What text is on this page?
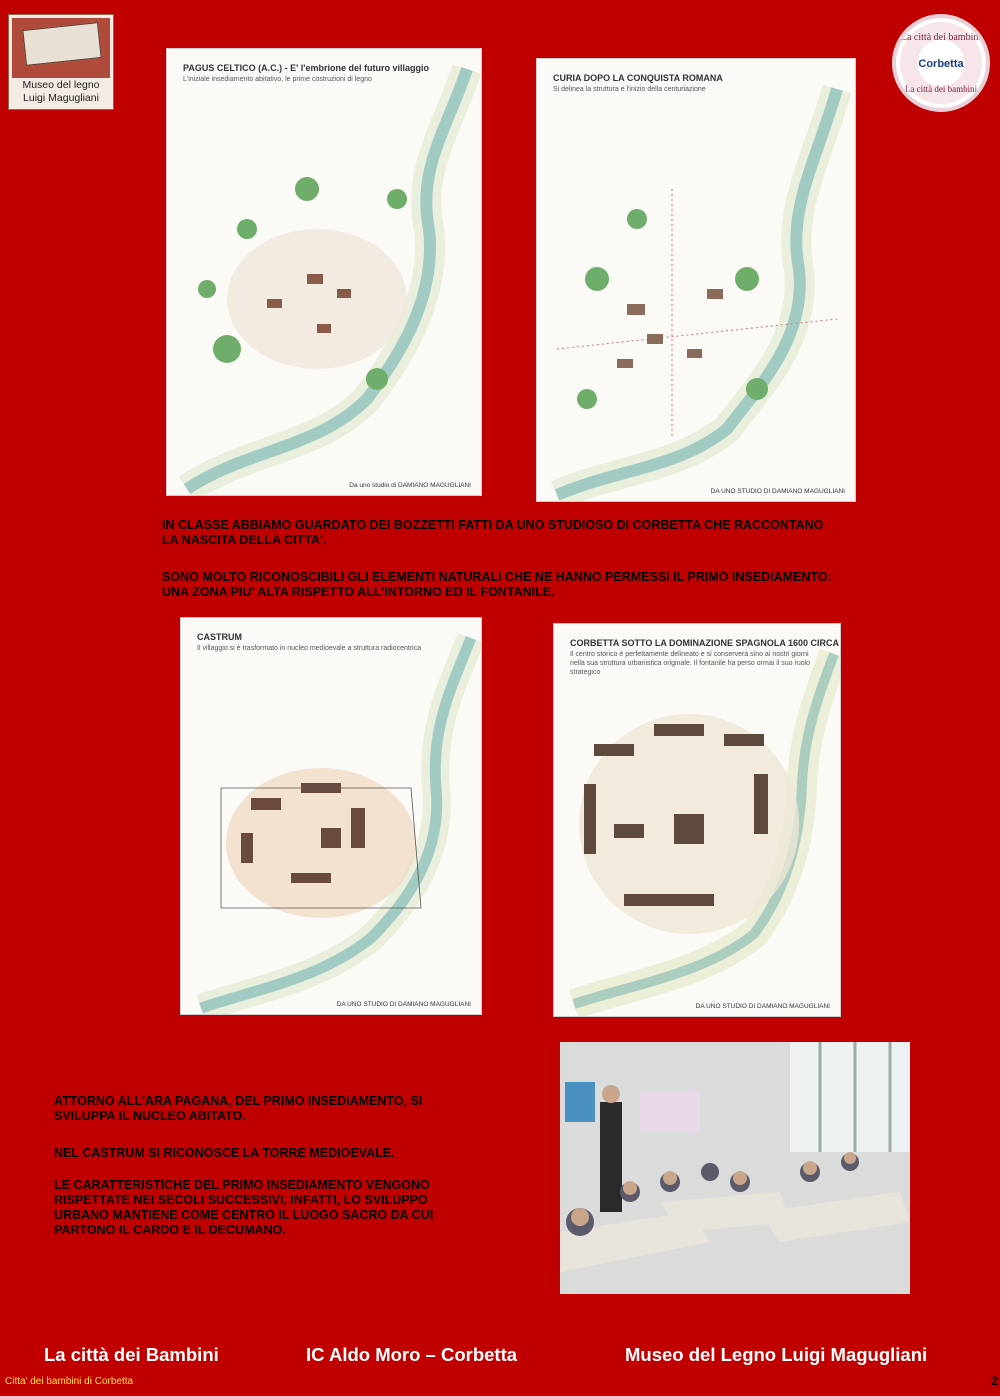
Museo del legno
Luigi Magugliani
La città dei bambini
Corbetta
La città dei bambini
PAGUS CELTICO (A.C.) - E' l'embrione del futuro villaggio
L'iniziale insediamento abitativo, le prime costruzioni di legno
Da uno studio di DAMIANO MAGUGLIANI
CURIA DOPO LA CONQUISTA ROMANA
Si delinea la struttura e l'inizio della centuriazione
DA UNO STUDIO DI DAMIANO MAGUGLIANI
IN CLASSE ABBIAMO GUARDATO DEI BOZZETTI FATTI DA UNO STUDIOSO DI CORBETTA CHE RACCONTANO LA NASCITA DELLA CITTA'.
SONO MOLTO RICONOSCIBILI GLI ELEMENTI NATURALI CHE NE HANNO PERMESSI IL PRIMO INSEDIAMENTO: UNA ZONA PIU' ALTA RISPETTO ALL'INTORNO ED IL FONTANILE.
CASTRUM
Il villaggio si è trasformato in nucleo medioevale a struttura radiocentrica
DA UNO STUDIO DI DAMIANO MAGUGLIANI
CORBETTA SOTTO LA DOMINAZIONE SPAGNOLA 1600 CIRCA
Il centro storico è perfettamente delineato e si conserverà sino ai nostri giorni nella sua struttura urbanistica originale. Il fontanile ha perso ormai il suo ruolo strategico
DA UNO STUDIO DI DAMIANO MAGUGLIANI
ATTORNO ALL'ARA PAGANA, DEL PRIMO INSEDIAMENTO, SI SVILUPPA IL NUCLEO ABITATO.
NEL CASTRUM SI RICONOSCE LA TORRE MEDIOEVALE.
LE CARATTERISTICHE DEL PRIMO INSEDIAMENTO VENGONO RISPETTATE NEI SECOLI SUCCESSIVI, INFATTI, LO SVILUPPO URBANO MANTIENE COME CENTRO IL LUOGO SACRO DA CUI PARTONO IL CARDO E IL DECUMANO.
La città dei Bambini	IC Aldo Moro – Corbetta	Museo del Legno Luigi Magugliani
Citta' dei bambini di Corbetta	2
